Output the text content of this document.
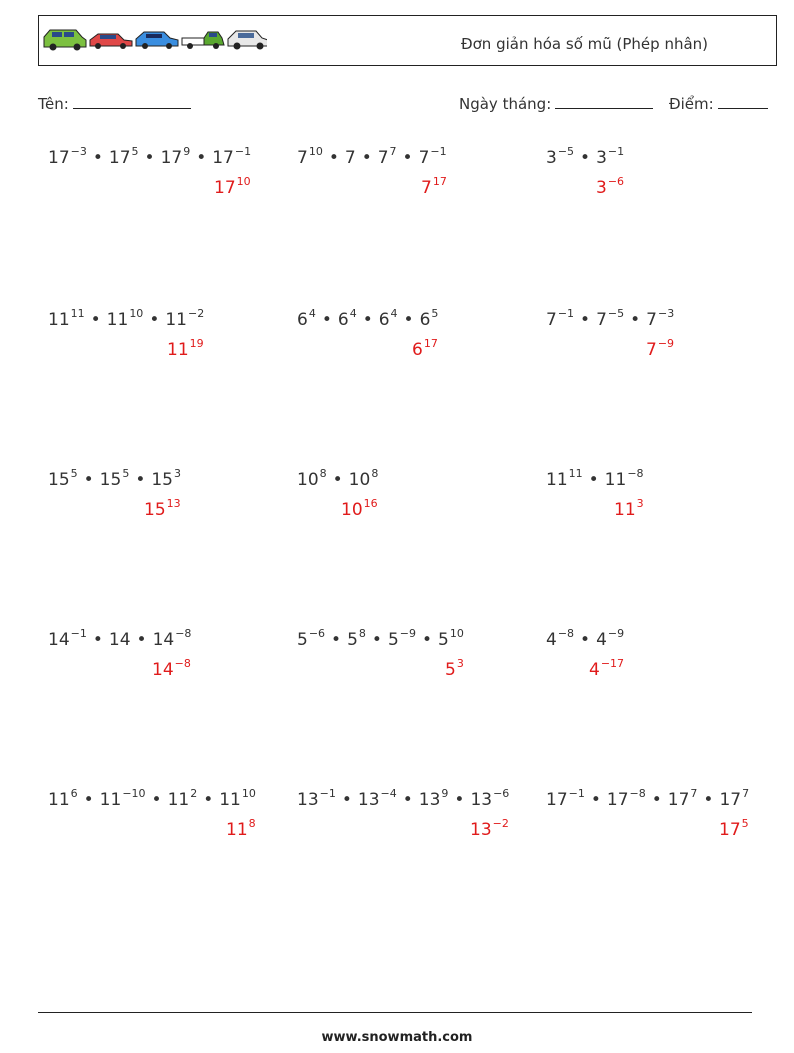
Đơn giản hóa số mũ (Phép nhân)
Tên:	Ngày tháng:	Điểm:
$17^{-3}$ • $17^5$ • $17^9$ • $17^{-1}$
$17^{10}$
$7^{10}$ • 7 • $7^7$ • $7^{-1}$
$7^{17}$
$3^{-5}$ • $3^{-1}$
$3^{-6}$
$11^{11}$ • $11^{10}$ • $11^{-2}$
$11^{19}$
$6^4$ • $6^4$ • $6^4$ • $6^5$
$6^{17}$
$7^{-1}$ • $7^{-5}$ • $7^{-3}$
$7^{-9}$
$15^5$ • $15^5$ • $15^3$
$15^{13}$
$10^8$ • $10^8$
$10^{16}$
$11^{11}$ • $11^{-8}$
$11^3$
$14^{-1}$ • 14 • $14^{-8}$
$14^{-8}$
$5^{-6}$ • $5^8$ • $5^{-9}$ • $5^{10}$
$5^3$
$4^{-8}$ • $4^{-9}$
$4^{-17}$
$11^6$ • $11^{-10}$ • $11^2$ • $11^{10}$
$11^8$
$13^{-1}$ • $13^{-4}$ • $13^9$ • $13^{-6}$
$13^{-2}$
$17^{-1}$ • $17^{-8}$ • $17^7$ • $17^7$
$17^5$
www.snowmath.com
